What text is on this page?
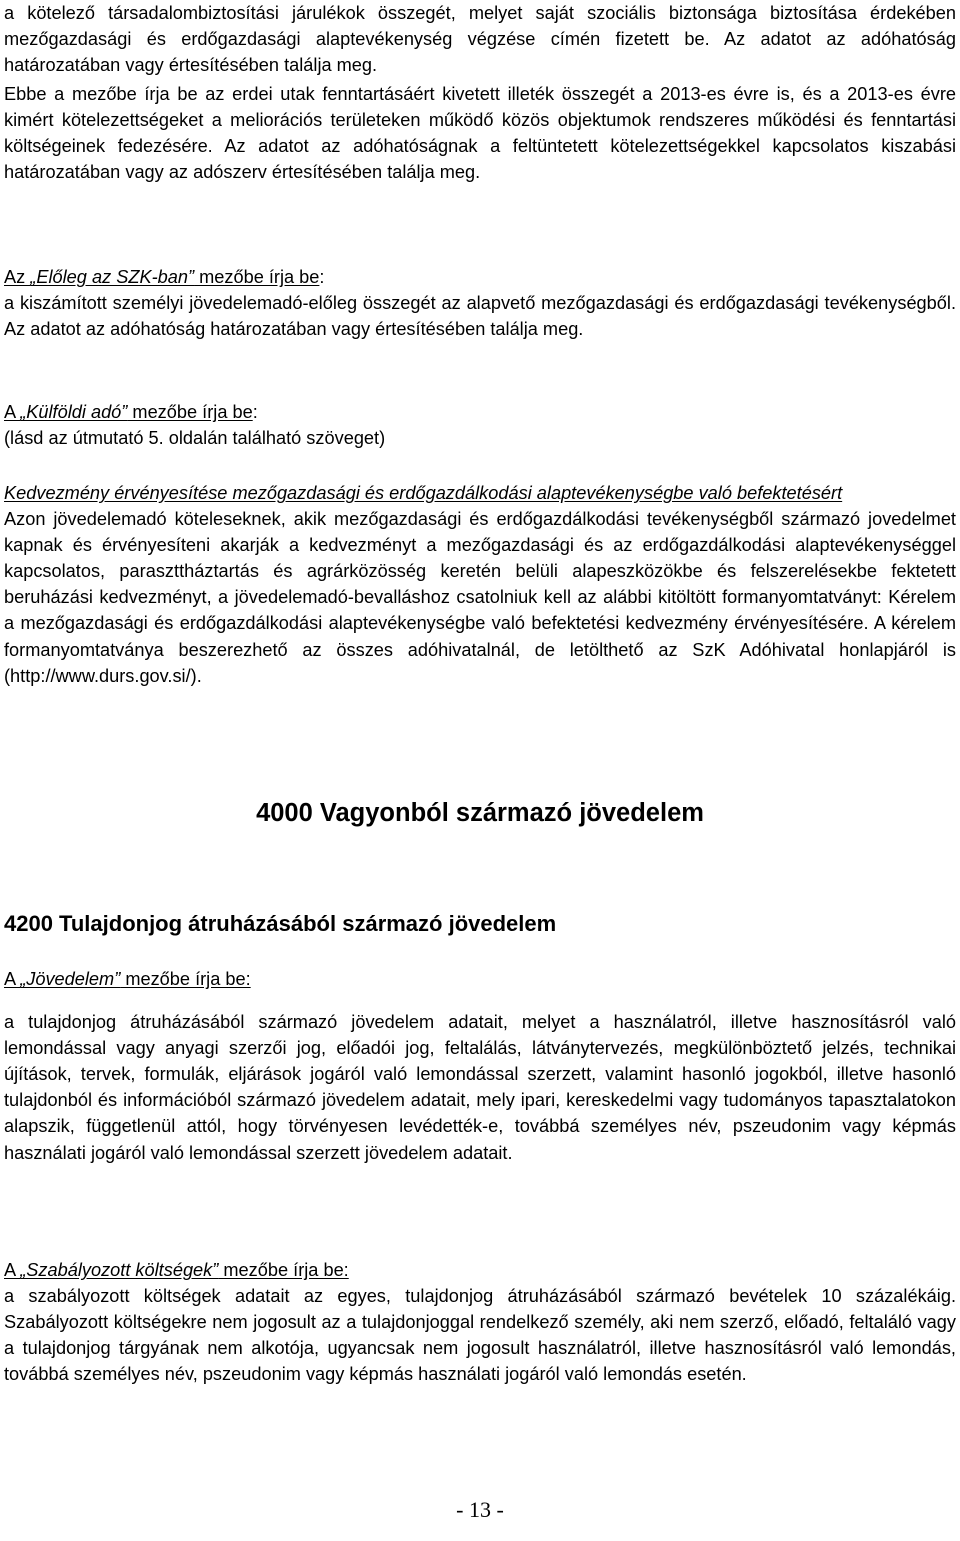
a kötelező társadalombiztosítási járulékok összegét, melyet saját szociális biztonsága biztosítása érdekében mezőgazdasági és erdőgazdasági alaptevékenység végzése címén fizetett be. Az adatot az adóhatóság határozatában vagy értesítésében találja meg.

Ebbe a mezőbe írja be az erdei utak fenntartásáért kivetett illeték összegét a 2013-es évre is, és a 2013-es évre kimért kötelezettségeket a meliorációs területeken működő közös objektumok rendszeres működési és fenntartási költségeinek fedezésére. Az adatot az adóhatóságnak a feltüntetett kötelezettségekkel kapcsolatos kiszabási határozatában vagy az adószerv értesítésében találja meg.

Az „Előleg az SZK-ban” mezőbe írja be:

a kiszámított személyi jövedelemadó-előleg összegét az alapvető mezőgazdasági és erdőgazdasági tevékenységből. Az adatot az adóhatóság határozatában vagy értesítésében találja meg.

A „Külföldi adó” mezőbe írja be:

(lásd az útmutató 5. oldalán található szöveget)

Kedvezmény érvényesítése mezőgazdasági és erdőgazdálkodási alaptevékenységbe való befektetésért

Azon jövedelemadó köteleseknek, akik mezőgazdasági és erdőgazdálkodási tevékenységből származó jovedelmet kapnak és érvényesíteni akarják a kedvezményt a mezőgazdasági és az erdőgazdálkodási alaptevékenységgel kapcsolatos, paraszttháztartás és agrárközösség keretén belüli alapeszközökbe és felszerelésekbe fektetett beruházási kedvezményt, a jövedelemadó-bevalláshoz csatolniuk kell az alábbi kitöltött formanyomtatványt: Kérelem a mezőgazdasági és erdőgazdálkodási alaptevékenységbe való befektetési kedvezmény érvényesítésére. A kérelem formanyomtatványa beszerezhető az összes adóhivatalnál, de letölthető az SzK Adóhivatal honlapjáról is (http://www.durs.gov.si/).

4000 Vagyonból származó jövedelem
4200 Tulajdonjog átruházásából származó jövedelem
A „Jövedelem” mezőbe írja be:

a tulajdonjog átruházásából származó jövedelem adatait, melyet a használatról, illetve hasznosításról való lemondással vagy anyagi szerzői jog, előadói jog, feltalálás, látványtervezés, megkülönböztető jelzés, technikai újítások, tervek, formulák, eljárások jogáról való lemondással szerzett, valamint hasonló jogokból, illetve hasonló tulajdonból és információból származó jövedelem adatait, mely ipari, kereskedelmi vagy tudományos tapasztalatokon alapszik, függetlenül attól, hogy törvényesen levédették-e, továbbá személyes név, pszeudonim vagy képmás használati jogáról való lemondással szerzett jövedelem adatait.

A „Szabályozott költségek” mezőbe írja be:

a szabályozott költségek adatait az egyes, tulajdonjog átruházásából származó bevételek 10 százalékáig. Szabályozott költségekre nem jogosult az a tulajdonjoggal rendelkező személy, aki nem szerző, előadó, feltaláló vagy a tulajdonjog tárgyának nem alkotója, ugyancsak nem jogosult használatról, illetve hasznosításról való lemondás, továbbá személyes név, pszeudonim vagy képmás használati jogáról való lemondás esetén.

- 13 -
